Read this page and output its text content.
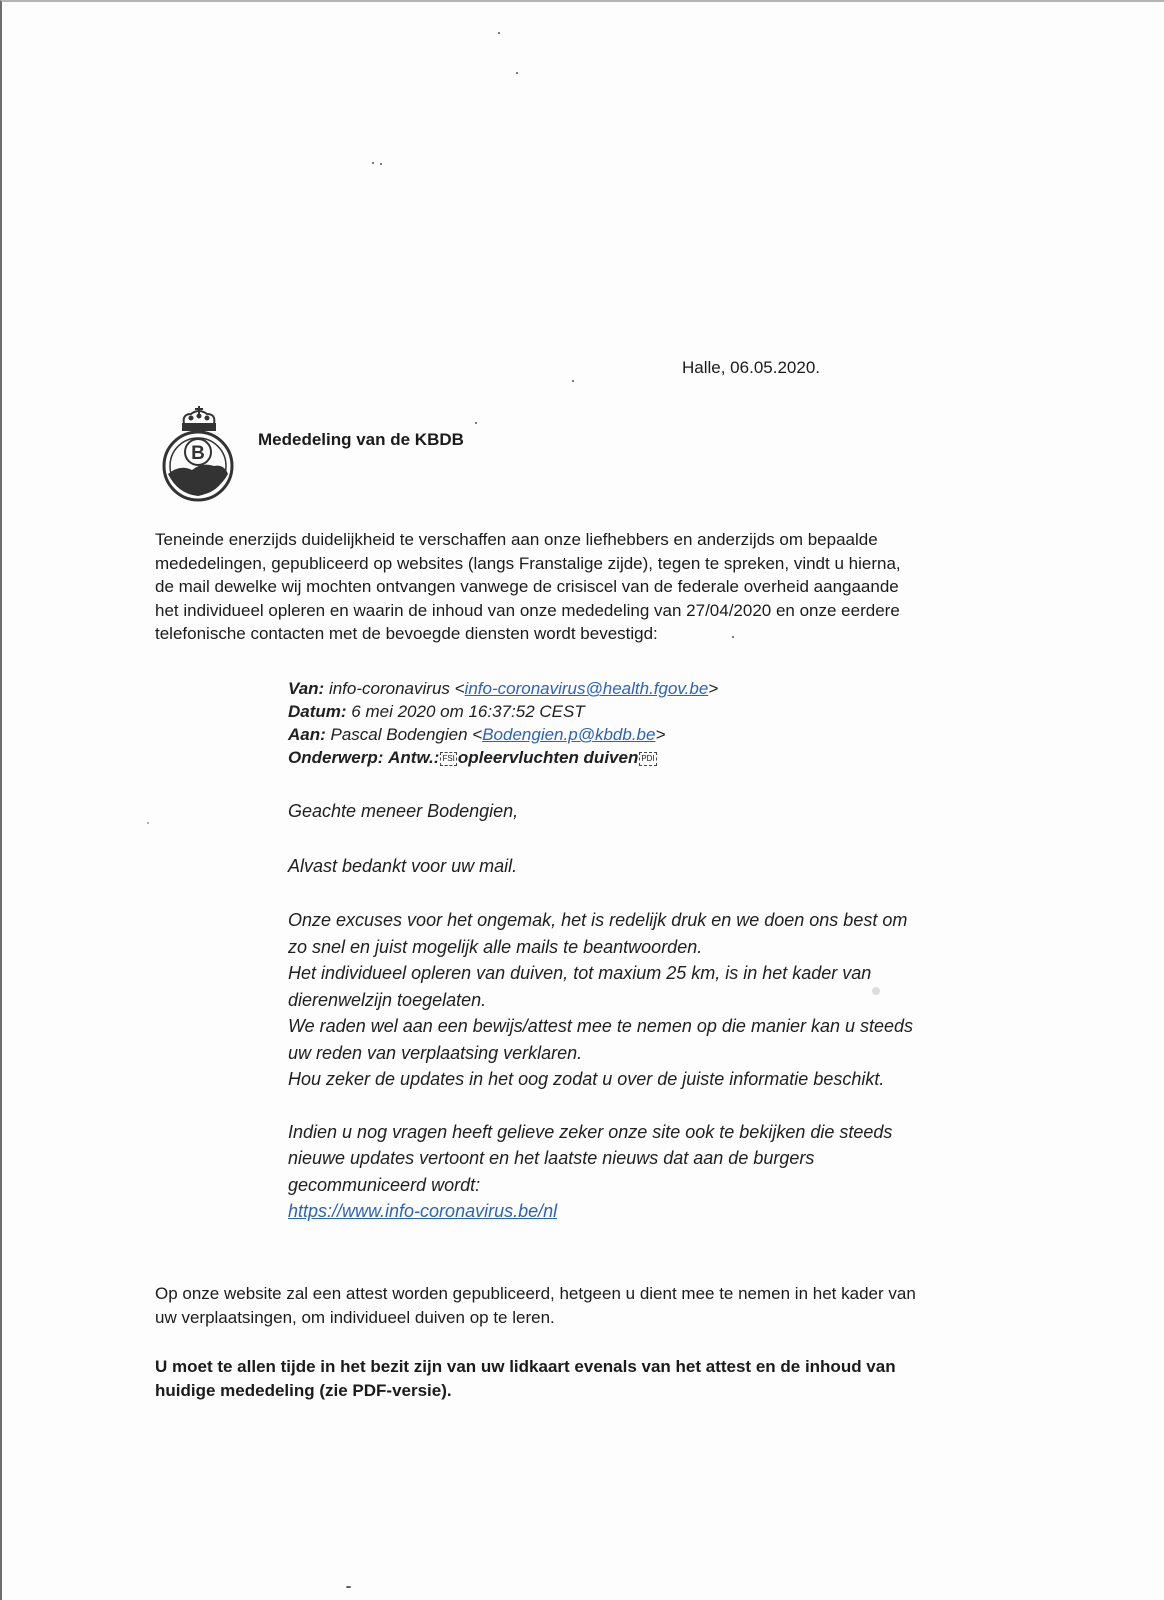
Halle, 06.05.2020.
B
Mededeling van de KBDB
Teneinde enerzijds duidelijkheid te verschaffen aan onze liefhebbers en anderzijds om bepaalde
mededelingen, gepubliceerd op websites (langs Franstalige zijde), tegen te spreken, vindt u hierna,
de mail dewelke wij mochten ontvangen vanwege de crisiscel van de federale overheid aangaande
het individueel opleren en waarin de inhoud van onze mededeling van 27/04/2020 en onze eerdere
telefonische contacten met de bevoegde diensten wordt bevestigd:
Van: info-coronavirus <info-coronavirus@health.fgov.be>
Datum: 6 mei 2020 om 16:37:52 CEST
Aan: Pascal Bodengien <Bodengien.p@kbdb.be>
Onderwerp: Antw.: FSI opleervluchten duiven PDI

Geachte meneer Bodengien,

Alvast bedankt voor uw mail.

Onze excuses voor het ongemak, het is redelijk druk en we doen ons best om
zo snel en juist mogelijk alle mails te beantwoorden.
Het individueel opleren van duiven, tot maxium 25 km, is in het kader van
dierenwelzijn toegelaten.
We raden wel aan een bewijs/attest mee te nemen op die manier kan u steeds
uw reden van verplaatsing verklaren.
Hou zeker de updates in het oog zodat u over de juiste informatie beschikt.

Indien u nog vragen heeft gelieve zeker onze site ook te bekijken die steeds
nieuwe updates vertoont en het laatste nieuws dat aan de burgers
gecommuniceerd wordt:
https://www.info-coronavirus.be/nl

Op onze website zal een attest worden gepubliceerd, hetgeen u dient mee te nemen in het kader van
uw verplaatsingen, om individueel duiven op te leren.
U moet te allen tijde in het bezit zijn van uw lidkaart evenals van het attest en de inhoud van
huidige mededeling (zie PDF-versie).
